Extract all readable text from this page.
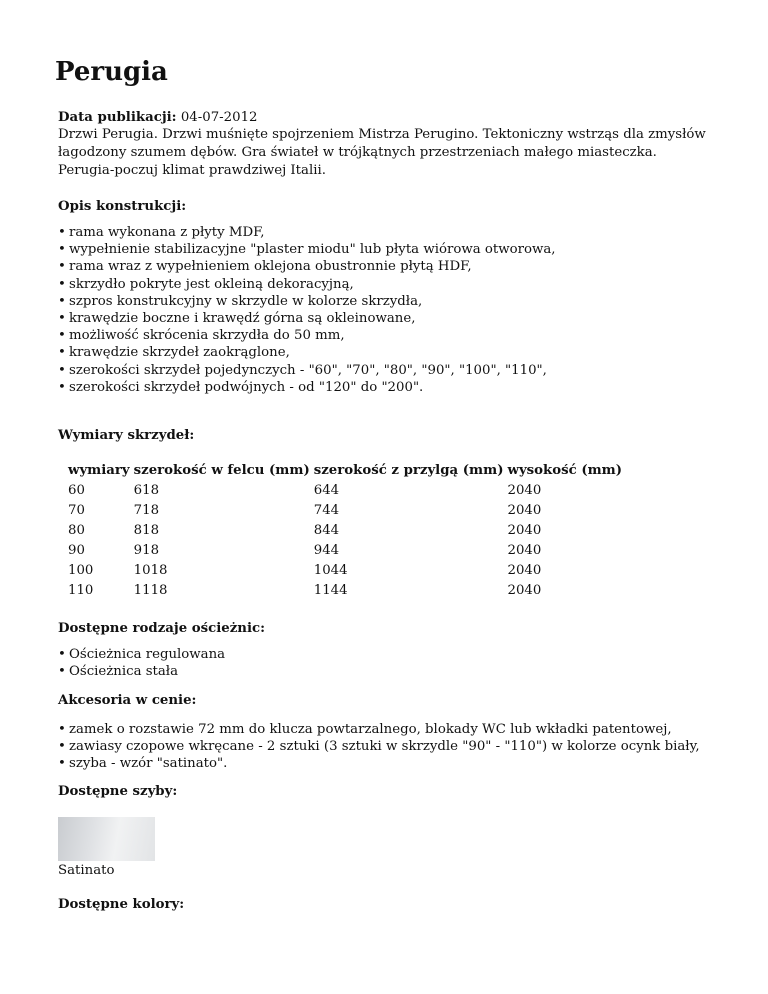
Perugia
Data publikacji: 04-07-2012
Drzwi Perugia. Drzwi muśnięte spojrzeniem Mistrza Perugino. Tektoniczny wstrząs dla zmysłów łagodzony szumem dębów. Gra świateł w trójkątnych przestrzeniach małego miasteczka. Perugia-poczuj klimat prawdziwej Italii.
Opis konstrukcji:
• rama wykonana z płyty MDF,
• wypełnienie stabilizacyjne "plaster miodu" lub płyta wiórowa otworowa,
• rama wraz z wypełnieniem oklejona obustronnie płytą HDF,
• skrzydło pokryte jest okleiną dekoracyjną,
• szpros konstrukcyjny w skrzydle w kolorze skrzydła,
• krawędzie boczne i krawędź górna są okleinowane,
• możliwość skrócenia skrzydła do 50 mm,
• krawędzie skrzydeł zaokrąglone,
• szerokości skrzydeł pojedynczych - "60", "70", "80", "90", "100", "110",
• szerokości skrzydeł podwójnych - od "120" do "200".
Wymiary skrzydeł:
wymiary	szerokość w felcu (mm)	szerokość z przylgą (mm)	wysokość (mm)
60	618	644	2040
70	718	744	2040
80	818	844	2040
90	918	944	2040
100	1018	1044	2040
110	1118	1144	2040
Dostępne rodzaje ościeżnic:
• Ościeżnica regulowana
• Ościeżnica stała
Akcesoria w cenie:
• zamek o rozstawie 72 mm do klucza powtarzalnego, blokady WC lub wkładki patentowej,
• zawiasy czopowe wkręcane - 2 sztuki (3 sztuki w skrzydle "90" - "110") w kolorze ocynk biały,
• szyba - wzór "satinato".
Dostępne szyby:
Satinato
Dostępne kolory:
